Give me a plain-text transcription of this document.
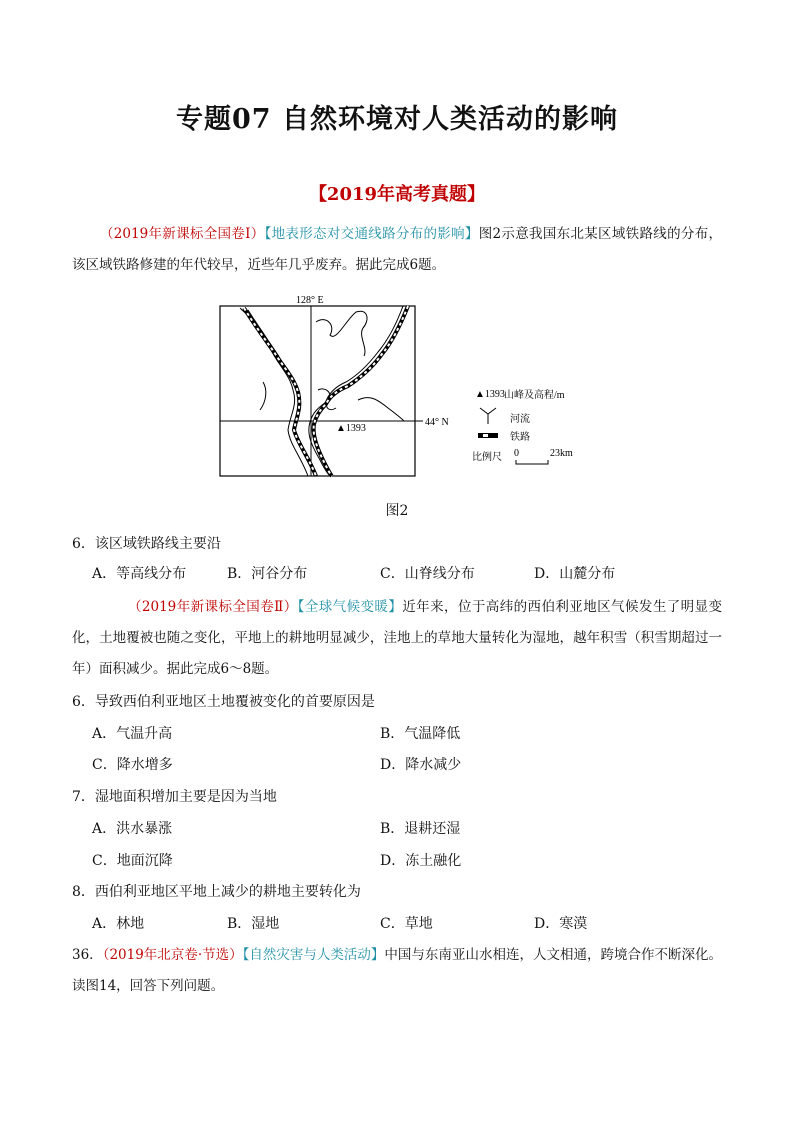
专题07 自然环境对人类活动的影响
【2019年高考真题】
（2019年新课标全国卷Ⅰ）【地表形态对交通线路分布的影响】图2示意我国东北某区域铁路线的分布，该区域铁路修建的年代较早，近些年几乎废弃。据此完成6题。
128° E
44° N
▲1393
▲1393 山峰及高程/m
河流
铁路
比例尺 0	23km
图2
6．该区域铁路线主要沿
A．等高线分布	B．河谷分布	C．山脊线分布	D．山麓分布
（2019年新课标全国卷Ⅱ）【全球气候变暖】近年来，位于高纬的西伯利亚地区气候发生了明显变化，土地覆被也随之变化，平地上的耕地明显减少，洼地上的草地大量转化为湿地，越年积雪（积雪期超过一年）面积减少。据此完成6～8题。
6．导致西伯利亚地区土地覆被变化的首要原因是
A．气温升高	B．气温降低
C．降水增多	D．降水减少
7．湿地面积增加主要是因为当地
A．洪水暴涨	B．退耕还湿
C．地面沉降	D．冻土融化
8．西伯利亚地区平地上减少的耕地主要转化为
A．林地	B．湿地	C．草地	D．寒漠
36．（2019年北京卷·节选）【自然灾害与人类活动】中国与东南亚山水相连，人文相通，跨境合作不断深化。读图14，回答下列问题。
